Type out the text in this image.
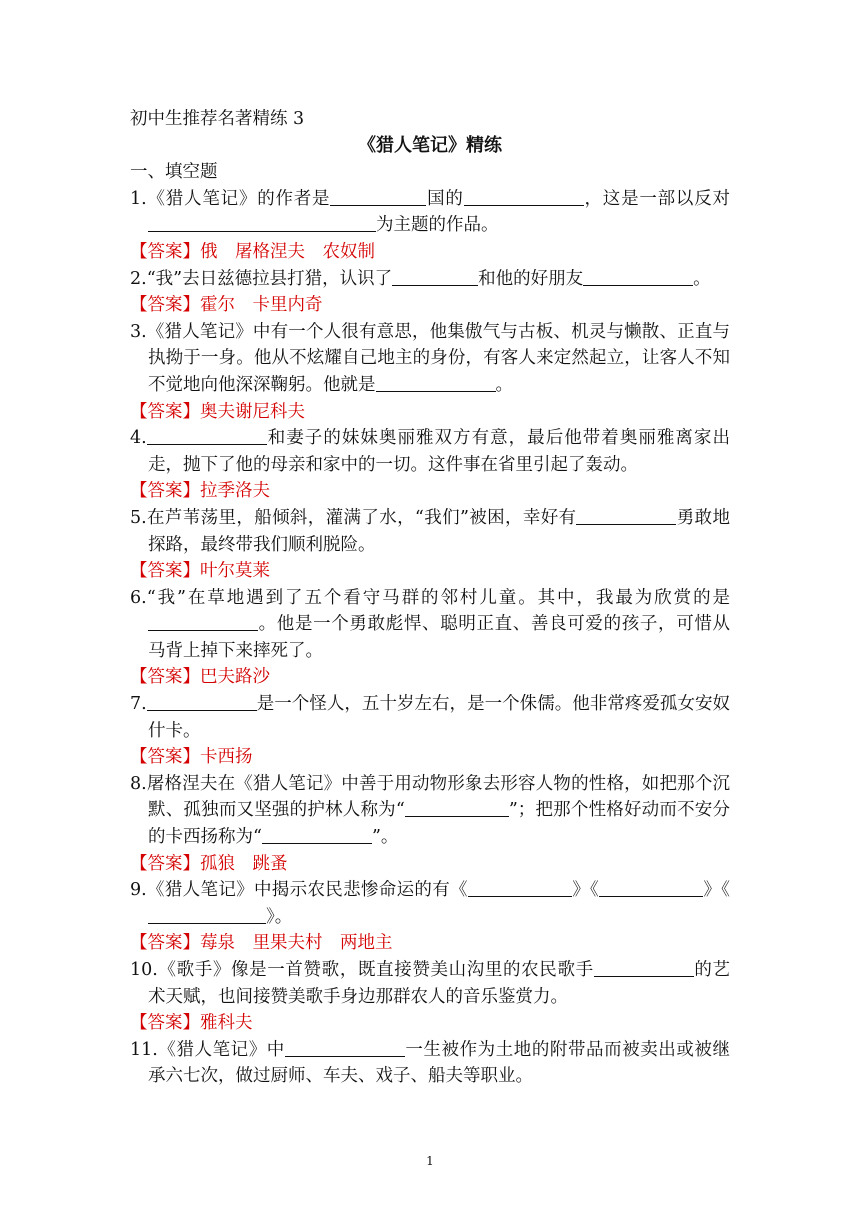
初中生推荐名著精练 3

《猎人笔记》精练

一、填空题

1.《猎人笔记》的作者是	国的	，这是一部以反对为主题的作品。

【答案】俄　屠格涅夫　农奴制

2.“我”去日兹德拉县打猎，认识了	和他的好朋友	。

【答案】霍尔　卡里内奇

3.《猎人笔记》中有一个人很有意思，他集傲气与古板、机灵与懒散、正直与执拗于一身。他从不炫耀自己地主的身份，有客人来定然起立，让客人不知不觉地向他深深鞠躬。他就是	。

【答案】奥夫谢尼科夫

4.	和妻子的妹妹奥丽雅双方有意，最后他带着奥丽雅离家出走，抛下了他的母亲和家中的一切。这件事在省里引起了轰动。

【答案】拉季洛夫

5.在芦苇荡里，船倾斜，灌满了水，“我们”被困，幸好有	勇敢地探路，最终带我们顺利脱险。

【答案】叶尔莫莱

6.“我”在草地遇到了五个看守马群的邻村儿童。其中，我最为欣赏的是。他是一个勇敢彪悍、聪明正直、善良可爱的孩子，可惜从马背上掉下来摔死了。

【答案】巴夫路沙

7.	是一个怪人，五十岁左右，是一个侏儒。他非常疼爱孤女安奴什卡。

【答案】卡西扬

8.屠格涅夫在《猎人笔记》中善于用动物形象去形容人物的性格，如把那个沉默、孤独而又坚强的护林人称为“	”；把那个性格好动而不安分的卡西扬称为“	”。

【答案】孤狼　跳蚤

9.《猎人笔记》中揭示农民悲惨命运的有《	》《	》《》。

【答案】莓泉　里果夫村　两地主

10.《歌手》像是一首赞歌，既直接赞美山沟里的农民歌手	的艺术天赋，也间接赞美歌手身边那群农人的音乐鉴赏力。

【答案】雅科夫

11.《猎人笔记》中	一生被作为土地的附带品而被卖出或被继承六七次，做过厨师、车夫、戏子、船夫等职业。

1
